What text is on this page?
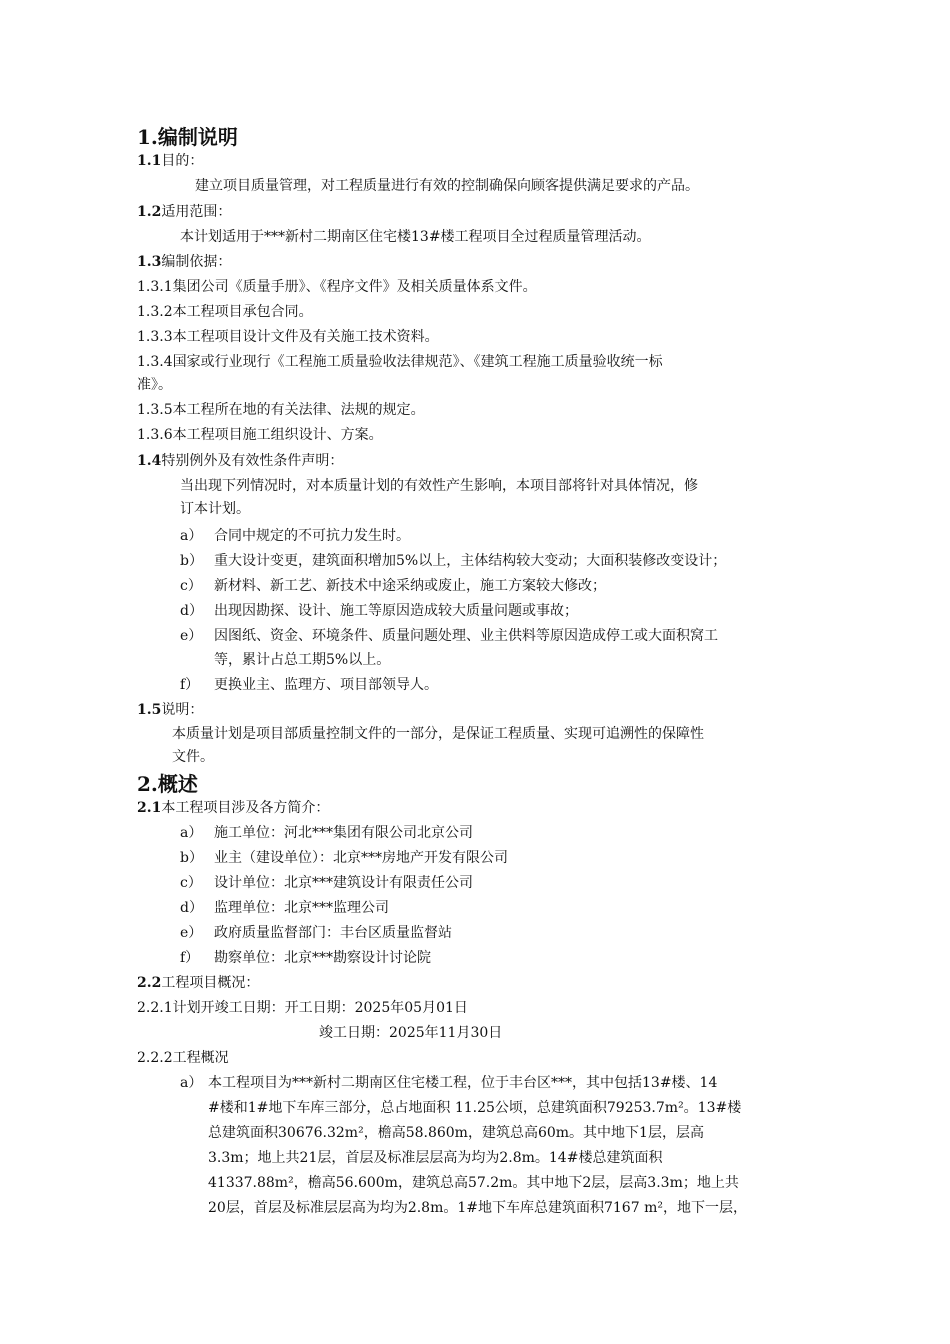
1.编制说明
1.1目的：
建立项目质量管理，对工程质量进行有效的控制确保向顾客提供满足要求的产品。
1.2适用范围：
本计划适用于***新村二期南区住宅楼13#楼工程项目全过程质量管理活动。
1.3编制依据：
1.3.1集团公司《质量手册》、《程序文件》及相关质量体系文件。
1.3.2本工程项目承包合同。
1.3.3本工程项目设计文件及有关施工技术资料。
1.3.4国家或行业现行《工程施工质量验收法律规范》、《建筑工程施工质量验收统一标
准》。
1.3.5本工程所在地的有关法律、法规的规定。
1.3.6本工程项目施工组织设计、方案。
1.4特别例外及有效性条件声明：
当出现下列情况时，对本质量计划的有效性产生影响，本项目部将针对具体情况，修
订本计划。
a） 合同中规定的不可抗力发生时。
b） 重大设计变更，建筑面积增加5%以上，主体结构较大变动；大面积装修改变设计；
c） 新材料、新工艺、新技术中途采纳或废止，施工方案较大修改；
d） 出现因勘探、设计、施工等原因造成较大质量问题或事故；
e） 因图纸、资金、环境条件、质量问题处理、业主供料等原因造成停工或大面积窝工
等，累计占总工期5%以上。
f） 更换业主、监理方、项目部领导人。
1.5说明：
本质量计划是项目部质量控制文件的一部分，是保证工程质量、实现可追溯性的保障性
文件。
2.概述
2.1本工程项目涉及各方简介：
a） 施工单位：河北***集团有限公司北京公司
b） 业主（建设单位）：北京***房地产开发有限公司
c） 设计单位：北京***建筑设计有限责任公司
d） 监理单位：北京***监理公司
e） 政府质量监督部门：丰台区质量监督站
f） 勘察单位：北京***勘察设计讨论院
2.2工程项目概况：
2.2.1计划开竣工日期：开工日期：2025年05月01日
竣工日期：2025年11月30日
2.2.2工程概况
a） 本工程项目为***新村二期南区住宅楼工程，位于丰台区***，其中包括13#楼、14
#楼和1#地下车库三部分，总占地面积 11.25公顷，总建筑面积79253.7m²。13#楼
总建筑面积30676.32m²，檐高58.860m，建筑总高60m。其中地下1层，层高
3.3m；地上共21层，首层及标准层层高为均为2.8m。14#楼总建筑面积
41337.88m²，檐高56.600m，建筑总高57.2m。其中地下2层，层高3.3m；地上共
20层，首层及标准层层高为均为2.8m。1#地下车库总建筑面积7167 m²，地下一层，
